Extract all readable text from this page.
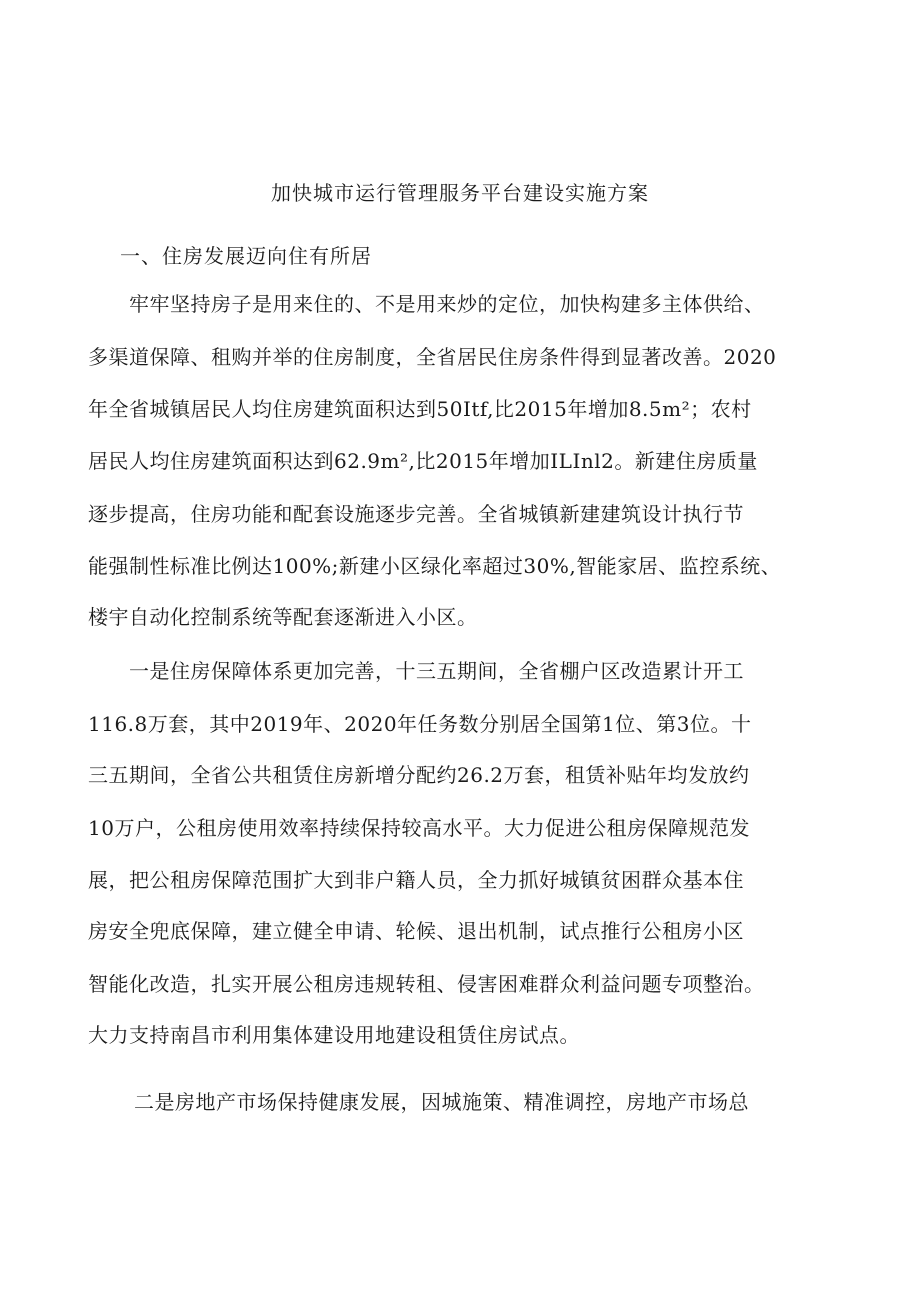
加快城市运行管理服务平台建设实施方案
一、住房发展迈向住有所居
牢牢坚持房子是用来住的、不是用来炒的定位，加快构建多主体供给、
多渠道保障、租购并举的住房制度，全省居民住房条件得到显著改善。2020
年全省城镇居民人均住房建筑面积达到50Itf,比2015年增加8.5m²；农村
居民人均住房建筑面积达到62.9m²,比2015年增加ILInl2。新建住房质量
逐步提高，住房功能和配套设施逐步完善。全省城镇新建建筑设计执行节
能强制性标准比例达100%;新建小区绿化率超过30%,智能家居、监控系统、
楼宇自动化控制系统等配套逐渐进入小区。
一是住房保障体系更加完善，十三五期间，全省棚户区改造累计开工
116.8万套，其中2019年、2020年任务数分别居全国第1位、第3位。十
三五期间，全省公共租赁住房新增分配约26.2万套，租赁补贴年均发放约
10万户，公租房使用效率持续保持较高水平。大力促进公租房保障规范发
展，把公租房保障范围扩大到非户籍人员，全力抓好城镇贫困群众基本住
房安全兜底保障，建立健全申请、轮候、退出机制，试点推行公租房小区
智能化改造，扎实开展公租房违规转租、侵害困难群众利益问题专项整治。
大力支持南昌市利用集体建设用地建设租赁住房试点。
二是房地产市场保持健康发展，因城施策、精准调控，房地产市场总
